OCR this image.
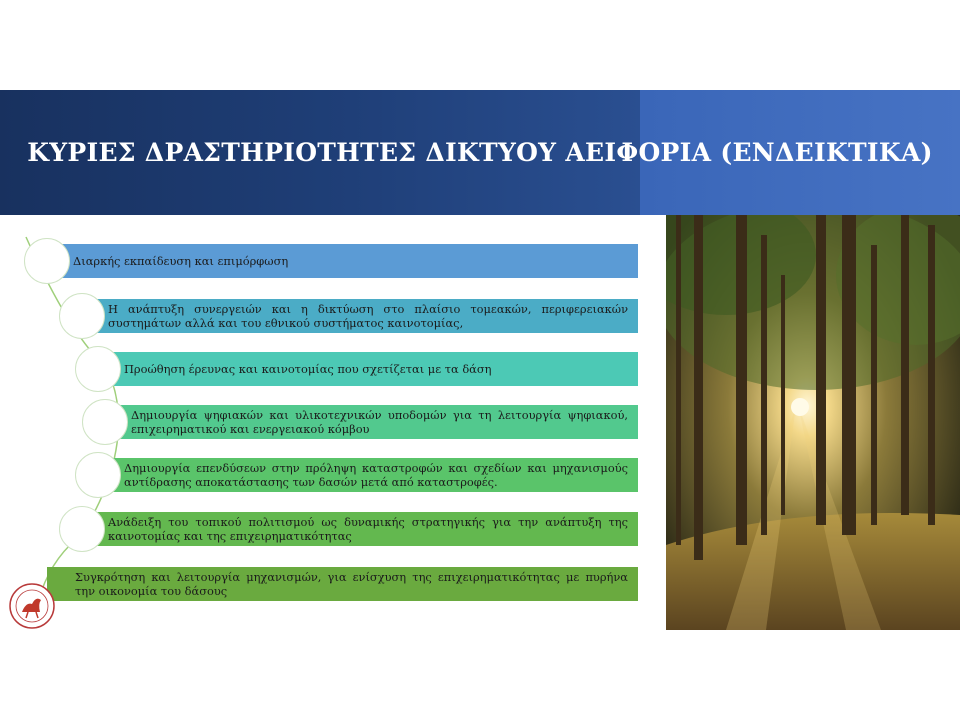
ΚΥΡΙΕΣ ΔΡΑΣΤΗΡΙΟΤΗΤΕΣ ΔΙΚΤΥΟΥ ΑΕΙΦΟΡΙΑ (ΕΝΔΕΙΚΤΙΚΑ)
Διαρκής εκπαίδευση και επιμόρφωση
Η ανάπτυξη συνεργειών και η δικτύωση στο πλαίσιο τομεακών, περιφερειακών συστημάτων αλλά και του εθνικού συστήματος καινοτομίας,
Προώθηση έρευνας και καινοτομίας που σχετίζεται με τα δάση
Δημιουργία ψηφιακών και υλικοτεχνικών υποδομών για τη λειτουργία ψηφιακού, επιχειρηματικού και ενεργειακού κόμβου
Δημιουργία επενδύσεων στην πρόληψη καταστροφών και σχεδίων και μηχανισμούς αντίδρασης αποκατάστασης των δασών μετά από καταστροφές.
Ανάδειξη του τοπικού πολιτισμού ως δυναμικής στρατηγικής για την ανάπτυξη της καινοτομίας και της επιχειρηματικότητας
Συγκρότηση και λειτουργία μηχανισμών, για ενίσχυση της επιχειρηματικότητας με πυρήνα την οικονομία του δάσους
